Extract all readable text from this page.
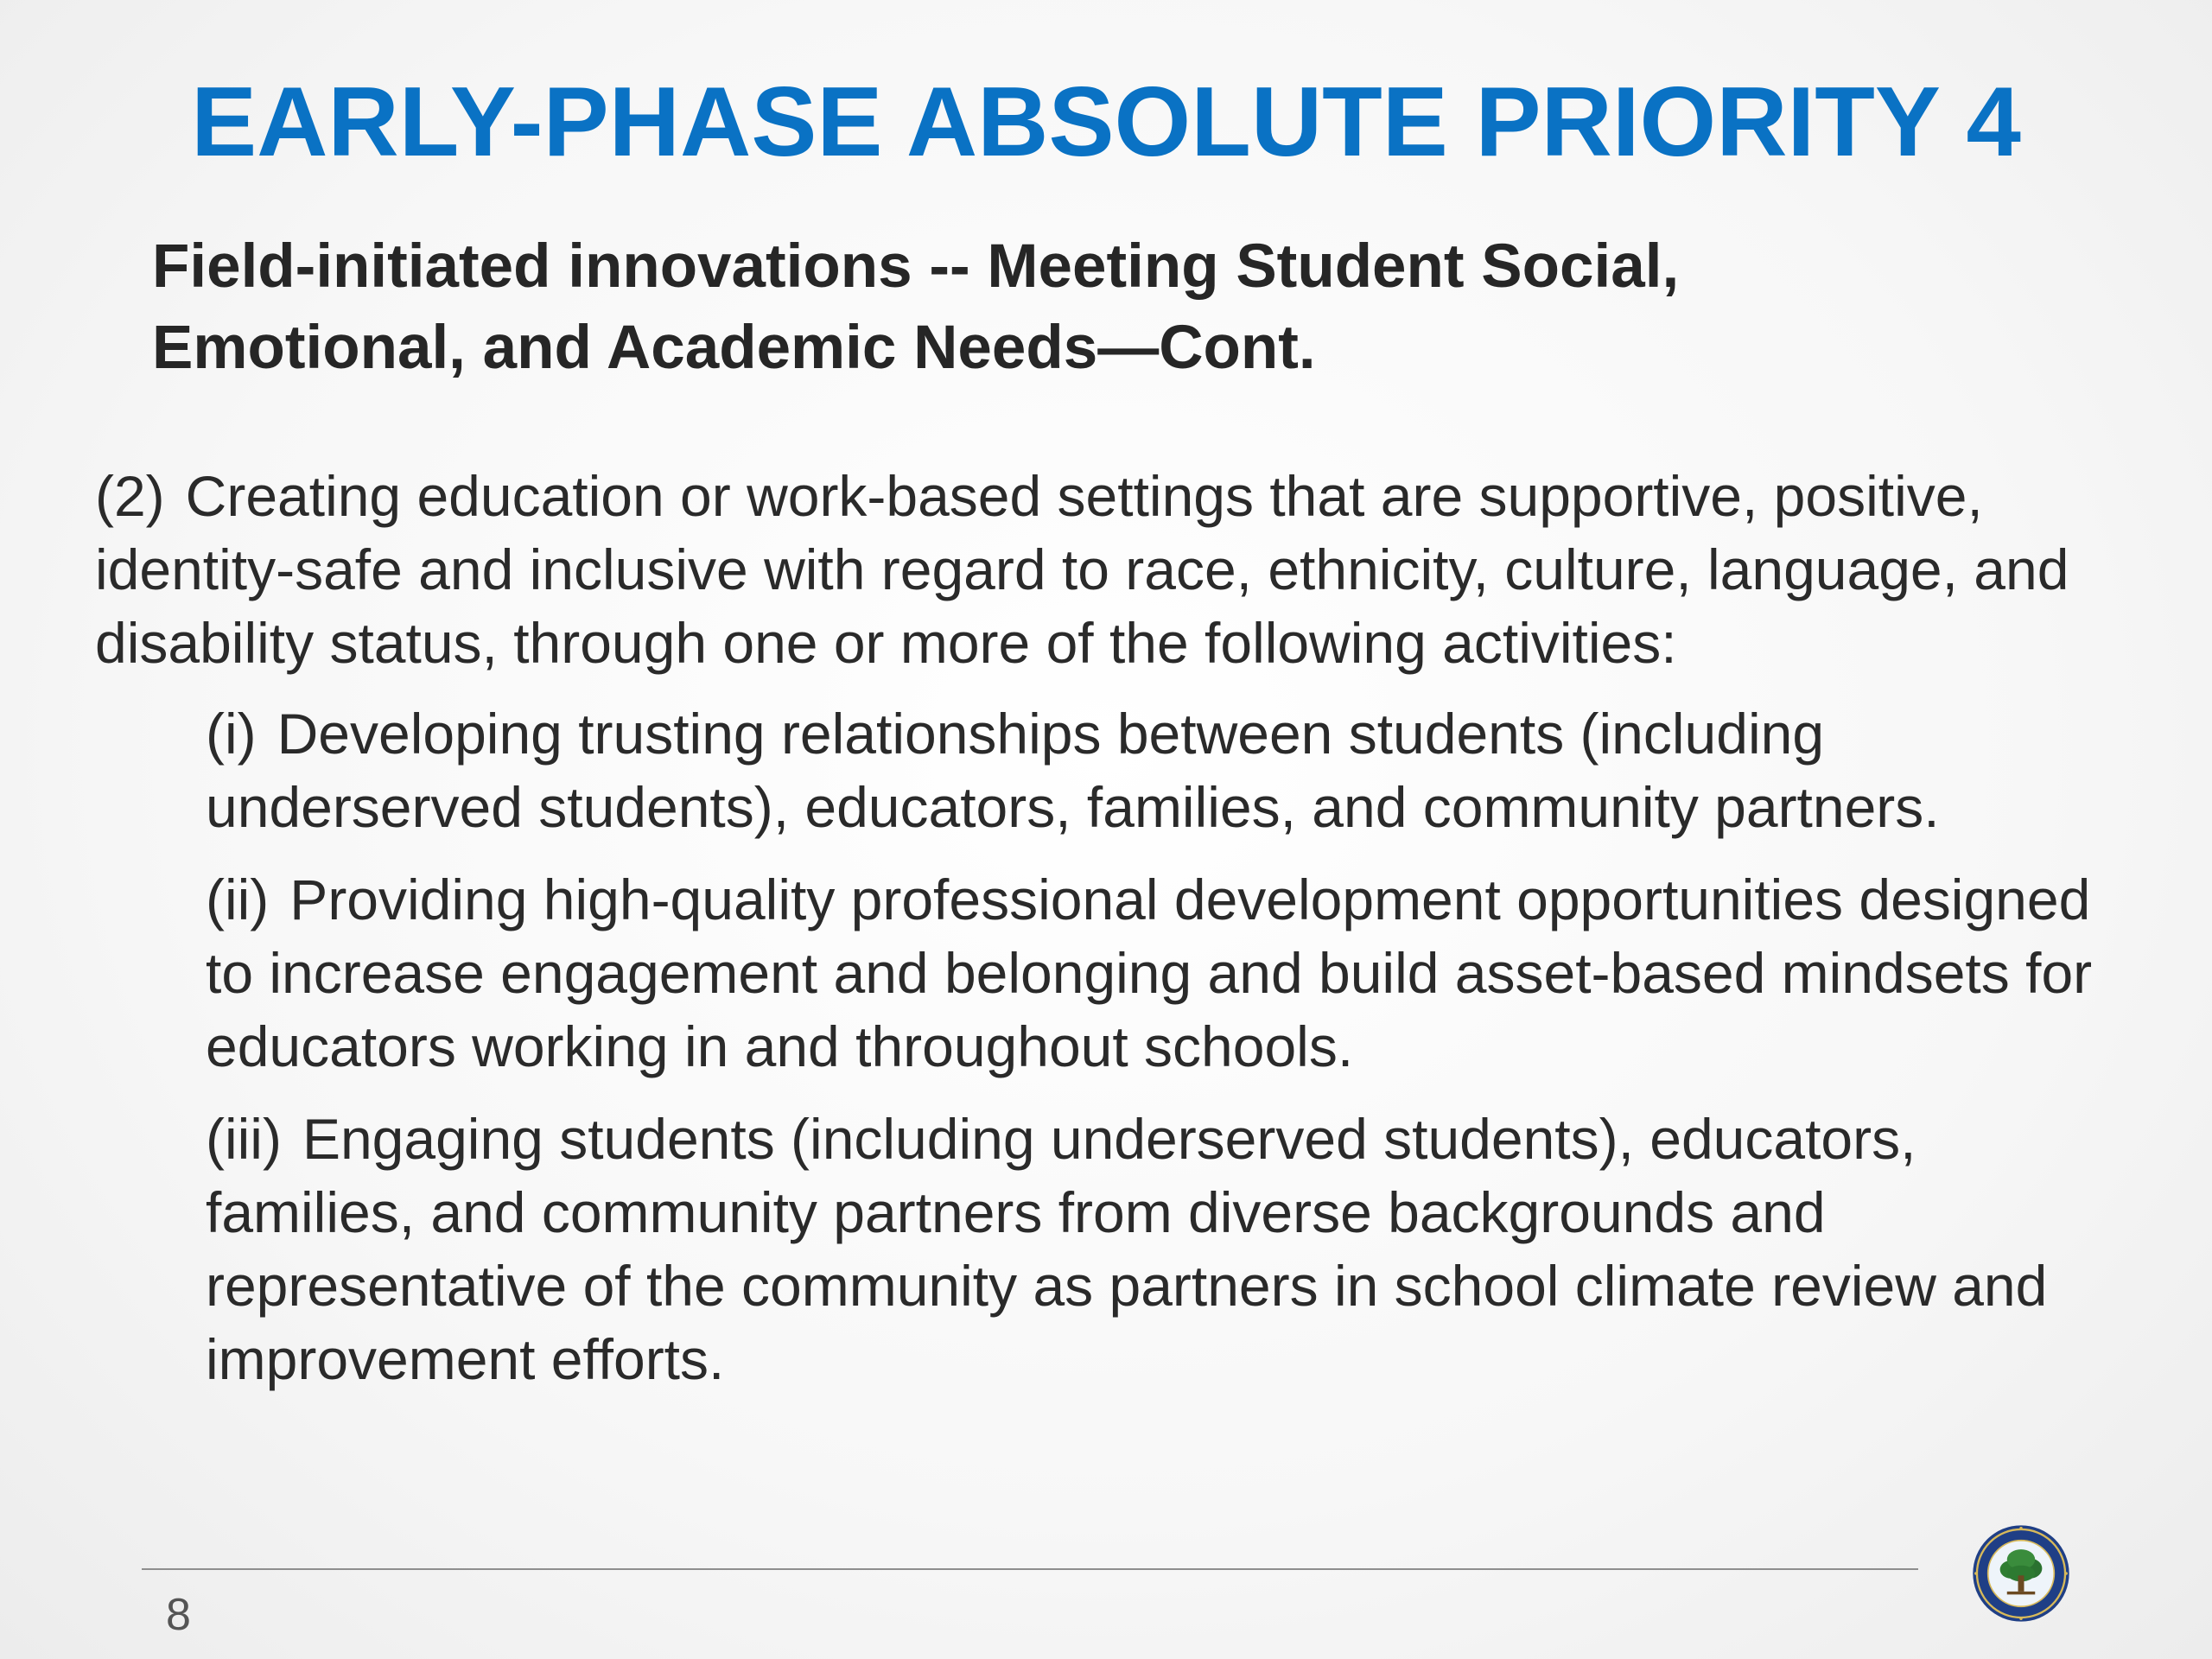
EARLY-PHASE ABSOLUTE PRIORITY 4
Field-initiated innovations -- Meeting Student Social,
Emotional, and Academic Needs—Cont.

(2) Creating education or work-based settings that are supportive, positive, identity-safe and inclusive with regard to race, ethnicity, culture, language, and disability status, through one or more of the following activities:

(i) Developing trusting relationships between students (including underserved students), educators, families, and community partners.

(ii) Providing high-quality professional development opportunities designed to increase engagement and belonging and build asset-based mindsets for educators working in and throughout schools.

(iii) Engaging students (including underserved students), educators, families, and community partners from diverse backgrounds and representative of the community as partners in school climate review and improvement efforts.

8
